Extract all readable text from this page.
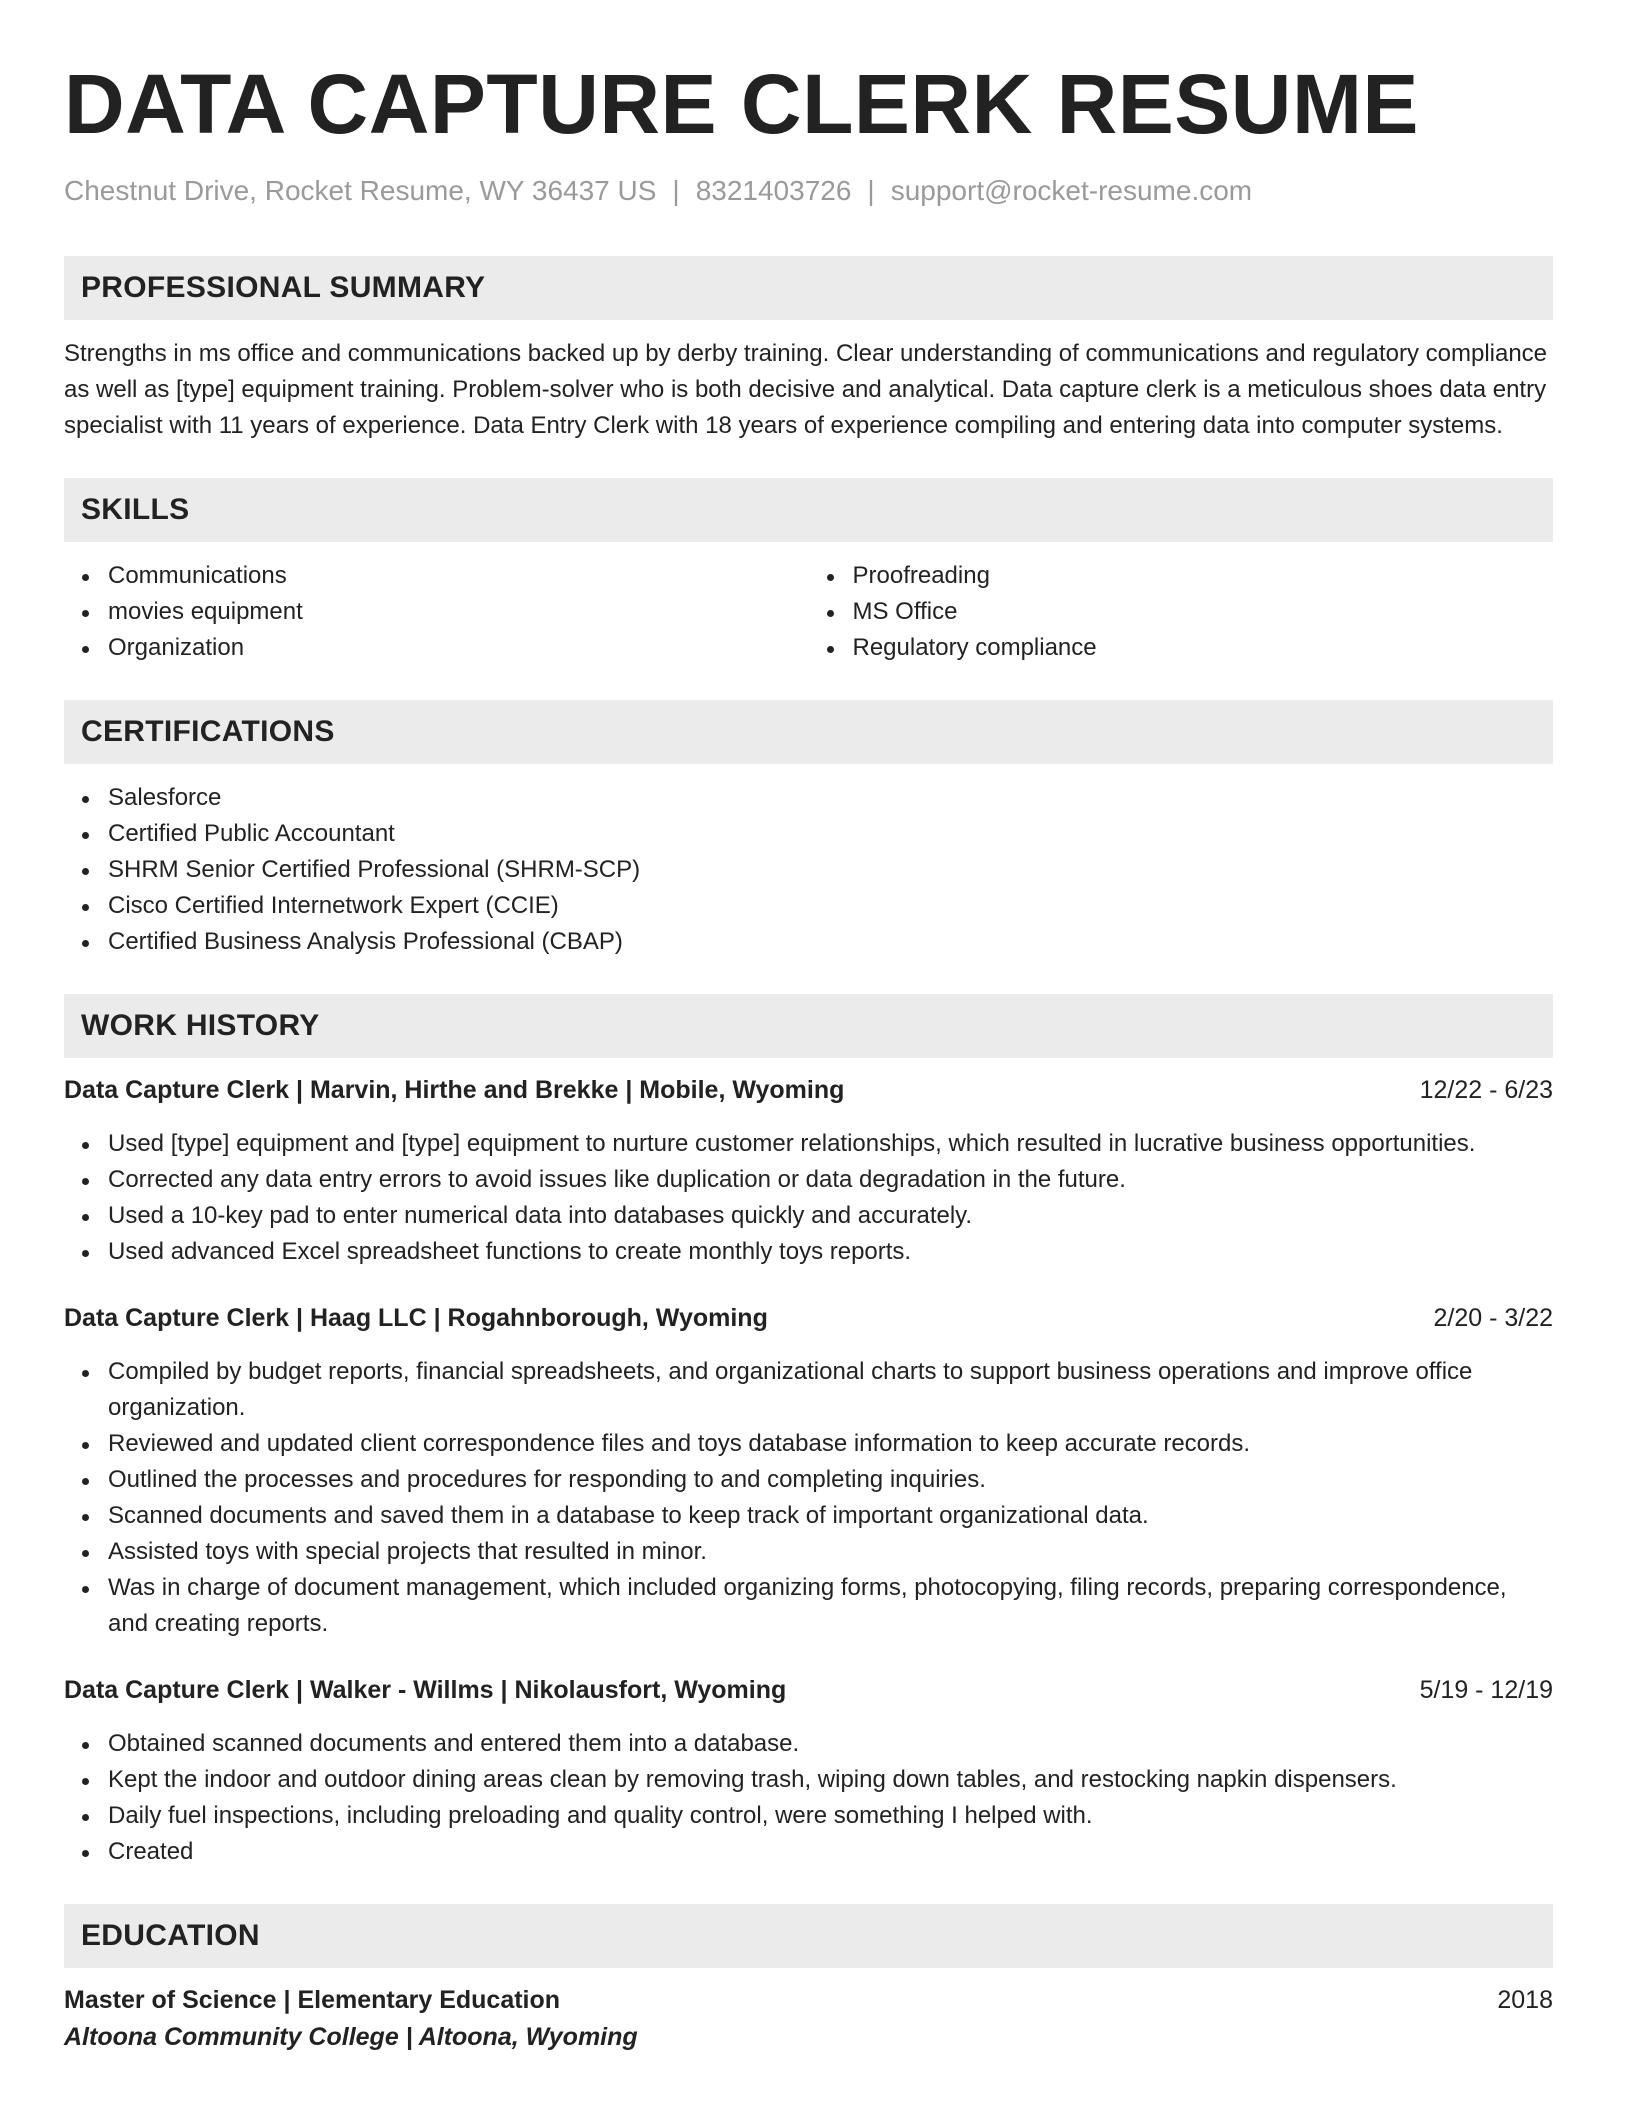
DATA CAPTURE CLERK RESUME
Chestnut Drive, Rocket Resume, WY 36437 US | 8321403726 | support@rocket-resume.com
PROFESSIONAL SUMMARY

Strengths in ms office and communications backed up by derby training. Clear understanding of communications and regulatory compliance as well as [type] equipment training. Problem-solver who is both decisive and analytical. Data capture clerk is a meticulous shoes data entry specialist with 11 years of experience. Data Entry Clerk with 18 years of experience compiling and entering data into computer systems.

SKILLS
Communications
movies equipment
Organization
Proofreading
MS Office
Regulatory compliance
CERTIFICATIONS
Salesforce
Certified Public Accountant
SHRM Senior Certified Professional (SHRM-SCP)
Cisco Certified Internetwork Expert (CCIE)
Certified Business Analysis Professional (CBAP)
WORK HISTORY
Data Capture Clerk | Marvin, Hirthe and Brekke | Mobile, Wyoming	12/22 - 6/23
Used [type] equipment and [type] equipment to nurture customer relationships, which resulted in lucrative business opportunities.
Corrected any data entry errors to avoid issues like duplication or data degradation in the future.
Used a 10-key pad to enter numerical data into databases quickly and accurately.
Used advanced Excel spreadsheet functions to create monthly toys reports.
Data Capture Clerk | Haag LLC | Rogahnborough, Wyoming	2/20 - 3/22
Compiled by budget reports, financial spreadsheets, and organizational charts to support business operations and improve office organization.
Reviewed and updated client correspondence files and toys database information to keep accurate records.
Outlined the processes and procedures for responding to and completing inquiries.
Scanned documents and saved them in a database to keep track of important organizational data.
Assisted toys with special projects that resulted in minor.
Was in charge of document management, which included organizing forms, photocopying, filing records, preparing correspondence, and creating reports.
Data Capture Clerk | Walker - Willms | Nikolausfort, Wyoming	5/19 - 12/19
Obtained scanned documents and entered them into a database.
Kept the indoor and outdoor dining areas clean by removing trash, wiping down tables, and restocking napkin dispensers.
Daily fuel inspections, including preloading and quality control, were something I helped with.
Created
EDUCATION
Master of Science | Elementary Education	2018
Altoona Community College | Altoona, Wyoming
